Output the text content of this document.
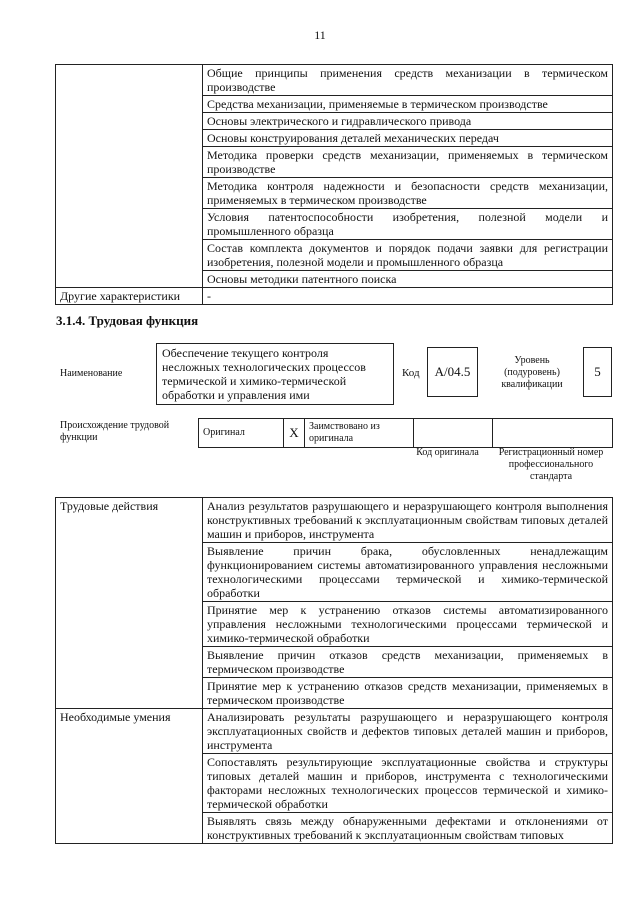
11
	Общие принципы применения средств механизации в термическом производстве
	Средства механизации, применяемые в термическом производстве
	Основы электрического и гидравлического привода
	Основы конструирования деталей механических передач
	Методика проверки средств механизации, применяемых в термическом производстве
	Методика контроля надежности и безопасности средств механизации, применяемых в термическом производстве
	Условия патентоспособности изобретения, полезной модели и промышленного образца
	Состав комплекта документов и порядок подачи заявки для регистрации изобретения, полезной модели и промышленного образца
	Основы методики патентного поиска
Другие характеристики	-
3.1.4. Трудовая функция
Наименование
Обеспечение текущего контроля несложных технологических процессов термической и химико-термической обработки и управления ими
Код	A/04.5
Уровень (подуровень) квалификации
5
Происхождение трудовой функции	Оригинал	X	Заимствовано из оригинала		
Код оригинала	Регистрационный номер профессионального стандарта
Трудовые действия	Анализ результатов разрушающего и неразрушающего контроля выполнения конструктивных требований к эксплуатационным свойствам типовых деталей машин и приборов, инструмента
	Выявление причин брака, обусловленных ненадлежащим функционированием системы автоматизированного управления несложными технологическими процессами термической и химико-термической обработки
	Принятие мер к устранению отказов системы автоматизированного управления несложными технологическими процессами термической и химико-термической обработки
	Выявление причин отказов средств механизации, применяемых в термическом производстве
	Принятие мер к устранению отказов средств механизации, применяемых в термическом производстве
Необходимые умения	Анализировать результаты разрушающего и неразрушающего контроля эксплуатационных свойств и дефектов типовых деталей машин и приборов, инструмента
	Сопоставлять результирующие эксплуатационные свойства и структуры типовых деталей машин и приборов, инструмента с технологическими факторами несложных технологических процессов термической и химико-термической обработки
	Выявлять связь между обнаруженными дефектами и отклонениями от конструктивных требований к эксплуатационным свойствам типовых
